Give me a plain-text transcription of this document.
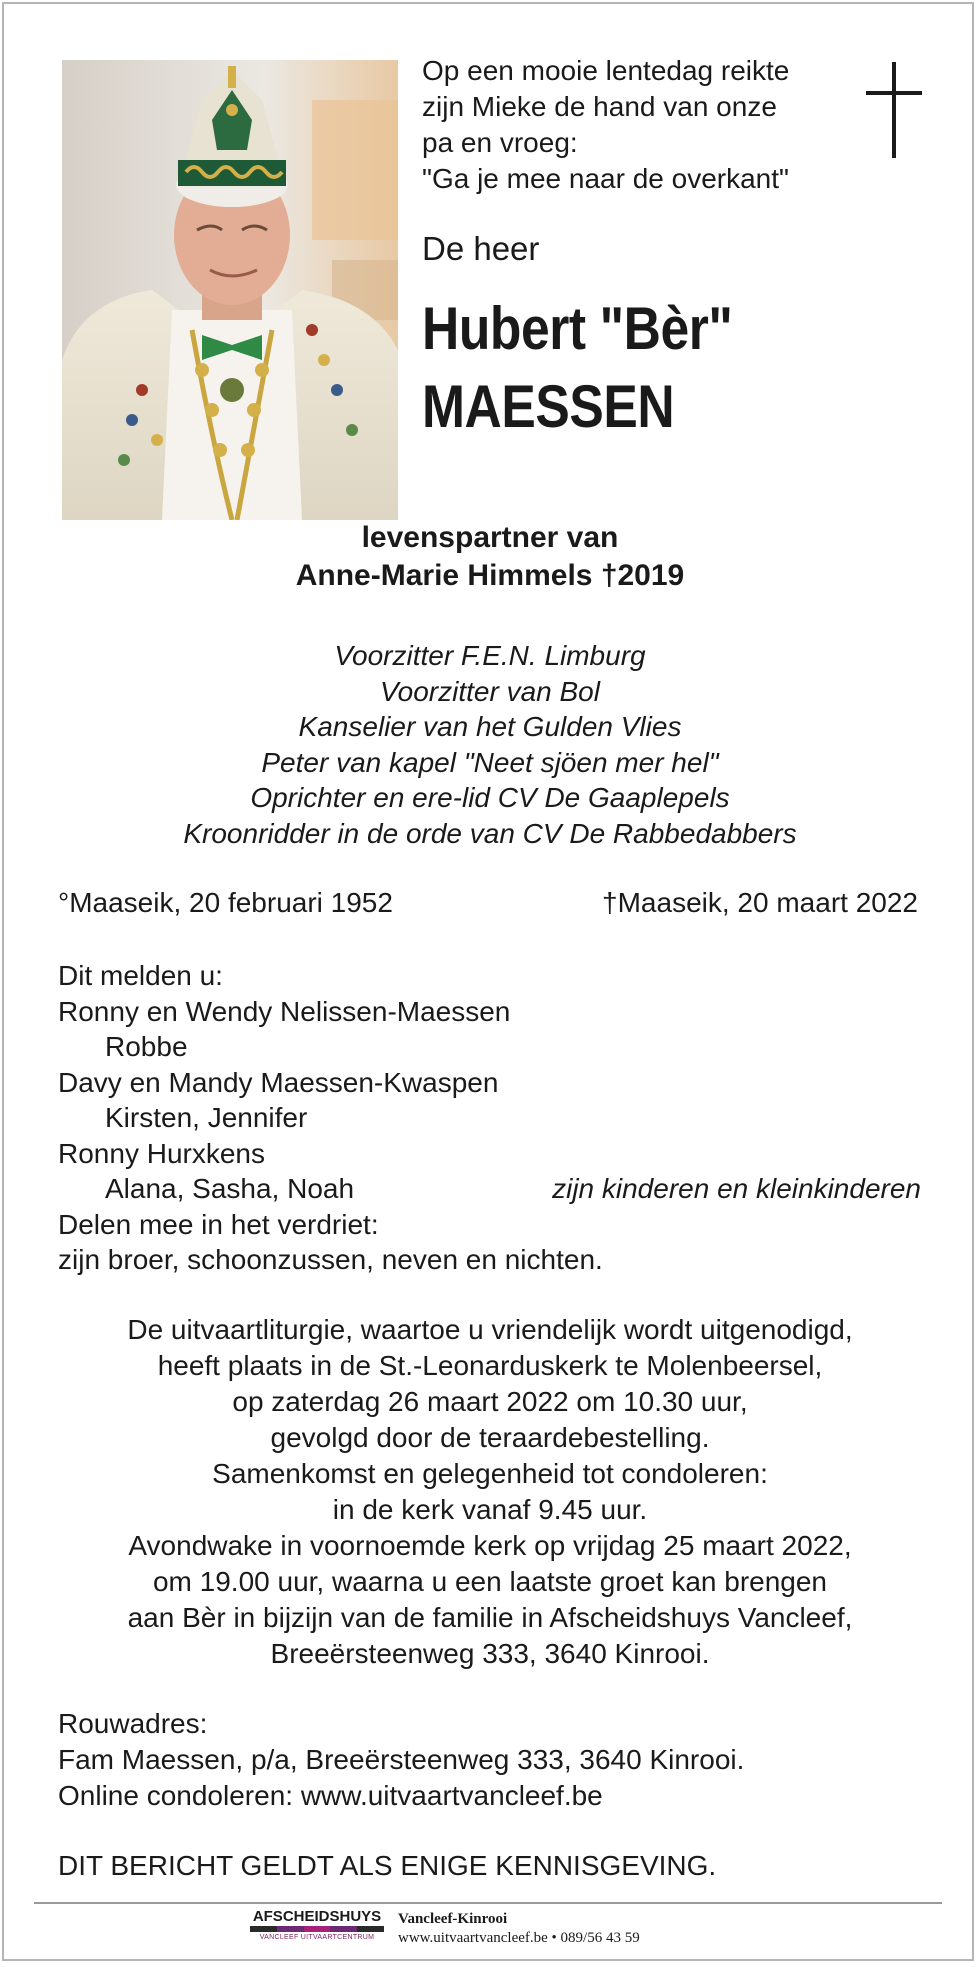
Op een mooie lentedag reikte
zijn Mieke de hand van onze
pa en vroeg:
"Ga je mee naar de overkant"
De heer
Hubert "Bèr"
MAESSEN
levenspartner van
Anne-Marie Himmels †2019
Voorzitter F.E.N. Limburg
Voorzitter van Bol
Kanselier van het Gulden Vlies
Peter van kapel "Neet sjöen mer hel"
Oprichter en ere-lid CV De Gaaplepels
Kroonridder in de orde van CV De Rabbedabbers
°Maaseik, 20 februari 1952	†Maaseik, 20 maart 2022
Dit melden u:
Ronny en Wendy Nelissen-Maessen
Robbe
Davy en Mandy Maessen-Kwaspen
Kirsten, Jennifer
Ronny Hurxkens
Alana, Sasha, Noah	zijn kinderen en kleinkinderen
Delen mee in het verdriet:
zijn broer, schoonzussen, neven en nichten.
De uitvaartliturgie, waartoe u vriendelijk wordt uitgenodigd,
heeft plaats in de St.-Leonarduskerk te Molenbeersel,
op zaterdag 26 maart 2022 om 10.30 uur,
gevolgd door de teraardebestelling.
Samenkomst en gelegenheid tot condoleren:
in de kerk vanaf 9.45 uur.
Avondwake in voornoemde kerk op vrijdag 25 maart 2022,
om 19.00 uur, waarna u een laatste groet kan brengen
aan Bèr in bijzijn van de familie in Afscheidshuys Vancleef,
Breeërsteenweg 333, 3640 Kinrooi.
Rouwadres:
Fam Maessen, p/a, Breeërsteenweg 333, 3640 Kinrooi.
Online condoleren: www.uitvaartvancleef.be
DIT BERICHT GELDT ALS ENIGE KENNISGEVING.
AFSCHEIDSHUYS
VANCLEEF UITVAARTCENTRUM
Vancleef-Kinrooi
www.uitvaartvancleef.be • 089/56 43 59
